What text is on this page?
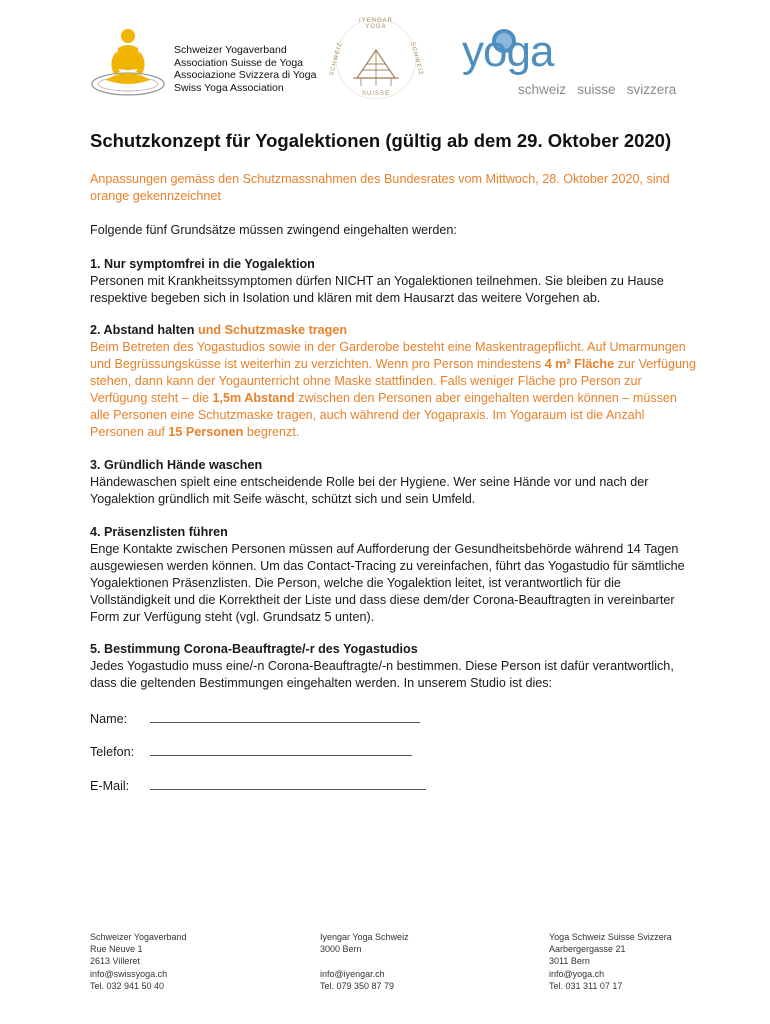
Schweizer Yogaverband
Association Suisse de Yoga
Associazione Svizzera di Yoga
Swiss Yoga Association
IYENGAR YOGA
SCHWEIZ	SCHWEIZ
SUISSE
yoga
schweiz   suisse   svizzera
Schutzkonzept für Yogalektionen (gültig ab dem 29. Oktober 2020)
Anpassungen gemäss den Schutzmassnahmen des Bundesrates vom Mittwoch, 28. Oktober 2020, sind orange gekennzeichnet
Folgende fünf Grundsätze müssen zwingend eingehalten werden:
1. Nur symptomfrei in die Yogalektion
Personen mit Krankheitssymptomen dürfen NICHT an Yogalektionen teilnehmen. Sie bleiben zu Hause respektive begeben sich in Isolation und klären mit dem Hausarzt das weitere Vorgehen ab.
2. Abstand halten und Schutzmaske tragen
Beim Betreten des Yogastudios sowie in der Garderobe besteht eine Maskentragepflicht. Auf Umarmungen und Begrüssungsküsse ist weiterhin zu verzichten. Wenn pro Person mindestens 4 m² Fläche zur Verfügung stehen, dann kann der Yogaunterricht ohne Maske stattfinden. Falls weniger Fläche pro Person zur Verfügung steht – die 1,5m Abstand zwischen den Personen aber eingehalten werden können – müssen alle Personen eine Schutzmaske tragen, auch während der Yogapraxis. Im Yogaraum ist die Anzahl Personen auf 15 Personen begrenzt.
3. Gründlich Hände waschen
Händewaschen spielt eine entscheidende Rolle bei der Hygiene. Wer seine Hände vor und nach der Yogalektion gründlich mit Seife wäscht, schützt sich und sein Umfeld.
4. Präsenzlisten führen
Enge Kontakte zwischen Personen müssen auf Aufforderung der Gesundheitsbehörde während 14 Tagen ausgewiesen werden können. Um das Contact-Tracing zu vereinfachen, führt das Yogastudio für sämtliche Yogalektionen Präsenzlisten. Die Person, welche die Yogalektion leitet, ist verantwortlich für die Vollständigkeit und die Korrektheit der Liste und dass diese dem/der Corona-Beauftragten in vereinbarter Form zur Verfügung steht (vgl. Grundsatz 5 unten).
5. Bestimmung Corona-Beauftragte/-r des Yogastudios
Jedes Yogastudio muss eine/-n Corona-Beauftragte/-n bestimmen. Diese Person ist dafür verantwortlich, dass die geltenden Bestimmungen eingehalten werden. In unserem Studio ist dies:
Name:
Telefon:
E-Mail:
Schweizer Yogaverband
Rue Neuve 1
2613 Villeret
info@swissyoga.ch
Tel. 032 941 50 40
Iyengar Yoga Schweiz
3000 Bern
info@iyengar.ch
Tel. 079 350 87 79
Yoga Schweiz Suisse Svizzera
Aarbergergasse 21
3011 Bern
info@yoga.ch
Tel. 031 311 07 17
